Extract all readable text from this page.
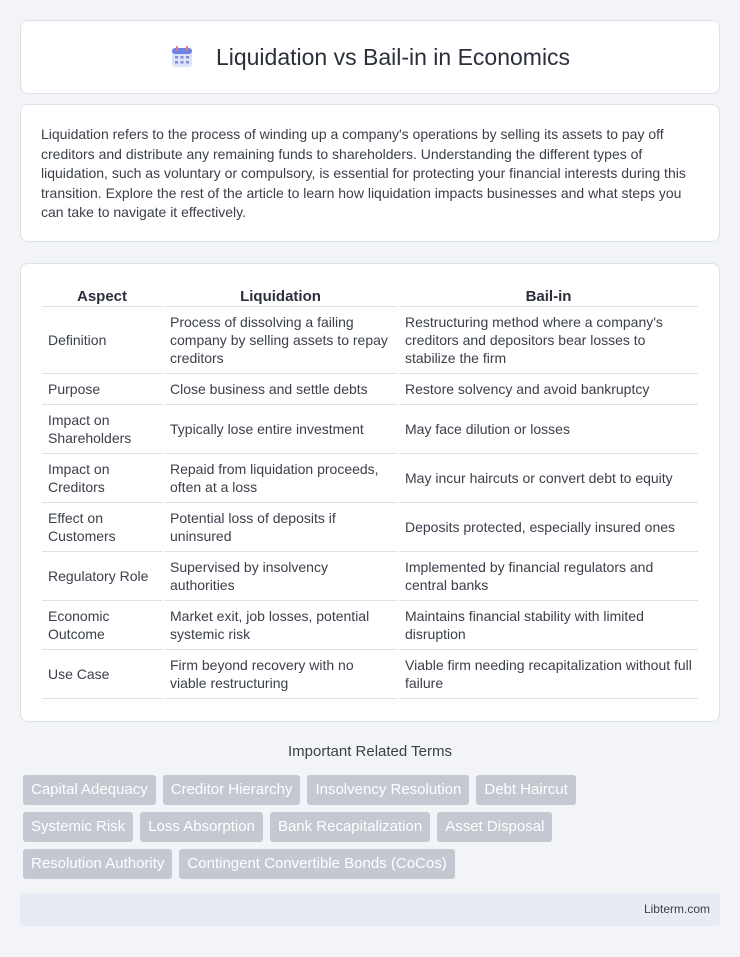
Liquidation vs Bail-in in Economics

Liquidation refers to the process of winding up a company's operations by selling its assets to pay off creditors and distribute any remaining funds to shareholders. Understanding the different types of liquidation, such as voluntary or compulsory, is essential for protecting your financial interests during this transition. Explore the rest of the article to learn how liquidation impacts businesses and what steps you can take to navigate it effectively.

Aspect	Liquidation	Bail-in
Definition	Process of dissolving a failing company by selling assets to repay creditors	Restructuring method where a company's creditors and depositors bear losses to stabilize the firm
Purpose	Close business and settle debts	Restore solvency and avoid bankruptcy
Impact on Shareholders	Typically lose entire investment	May face dilution or losses
Impact on Creditors	Repaid from liquidation proceeds, often at a loss	May incur haircuts or convert debt to equity
Effect on Customers	Potential loss of deposits if uninsured	Deposits protected, especially insured ones
Regulatory Role	Supervised by insolvency authorities	Implemented by financial regulators and central banks
Economic Outcome	Market exit, job losses, potential systemic risk	Maintains financial stability with limited disruption
Use Case	Firm beyond recovery with no viable restructuring	Viable firm needing recapitalization without full failure
Important Related Terms
Capital Adequacy	Creditor Hierarchy	Insolvency Resolution	Debt Haircut
Systemic Risk	Loss Absorption	Bank Recapitalization	Asset Disposal
Resolution Authority	Contingent Convertible Bonds (CoCos)
Libterm.com
